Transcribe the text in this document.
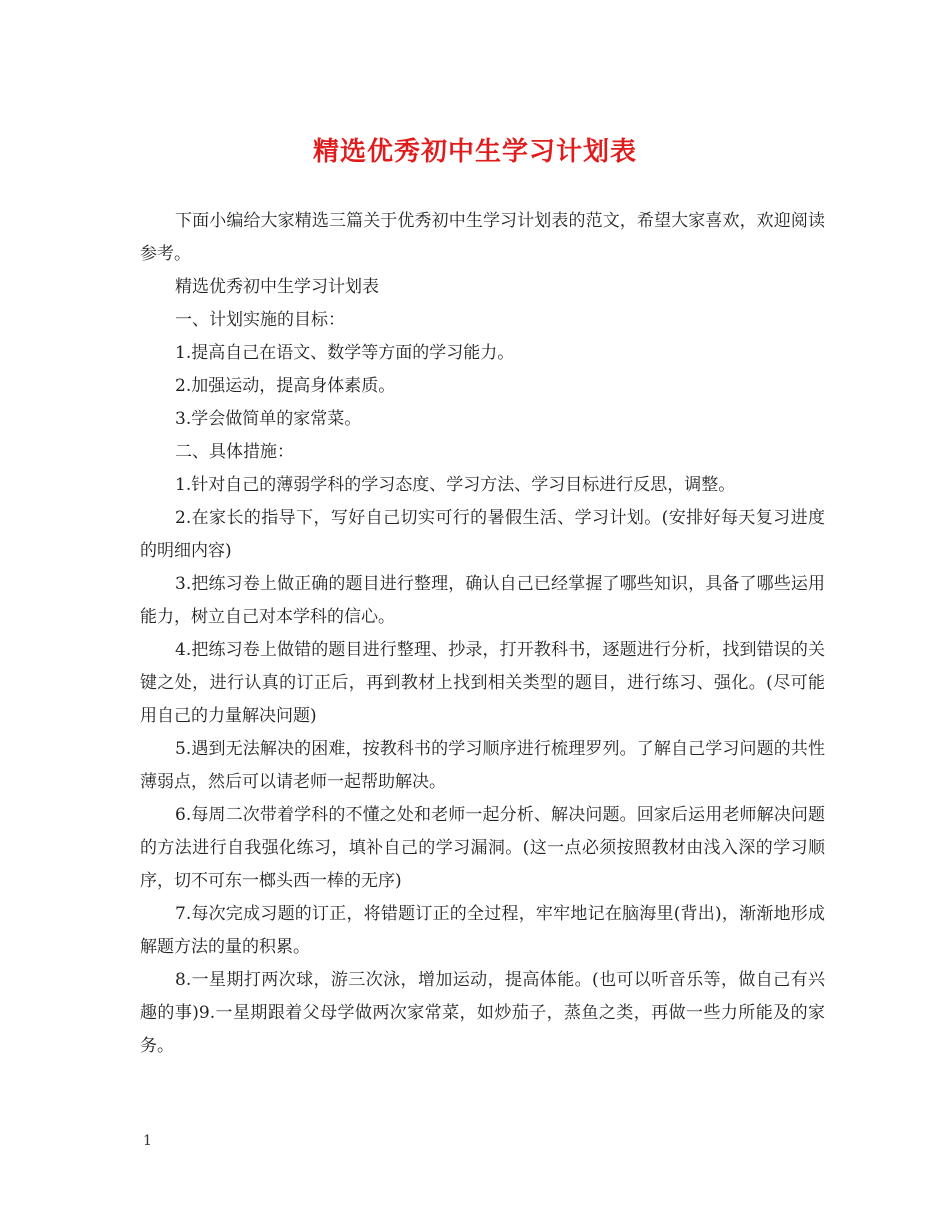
精选优秀初中生学习计划表

下面小编给大家精选三篇关于优秀初中生学习计划表的范文，希望大家喜欢，欢迎阅读参考。

精选优秀初中生学习计划表

一、计划实施的目标：

1.提高自己在语文、数学等方面的学习能力。

2.加强运动，提高身体素质。

3.学会做简单的家常菜。

二、具体措施：

1.针对自己的薄弱学科的学习态度、学习方法、学习目标进行反思，调整。

2.在家长的指导下，写好自己切实可行的暑假生活、学习计划。(安排好每天复习进度的明细内容)

3.把练习卷上做正确的题目进行整理，确认自己已经掌握了哪些知识，具备了哪些运用能力，树立自己对本学科的信心。

4.把练习卷上做错的题目进行整理、抄录，打开教科书，逐题进行分析，找到错误的关键之处，进行认真的订正后，再到教材上找到相关类型的题目，进行练习、强化。(尽可能用自己的力量解决问题)

5.遇到无法解决的困难，按教科书的学习顺序进行梳理罗列。了解自己学习问题的共性薄弱点，然后可以请老师一起帮助解决。

6.每周二次带着学科的不懂之处和老师一起分析、解决问题。回家后运用老师解决问题的方法进行自我强化练习，填补自己的学习漏洞。(这一点必须按照教材由浅入深的学习顺序，切不可东一榔头西一棒的无序)

7.每次完成习题的订正，将错题订正的全过程，牢牢地记在脑海里(背出)，渐渐地形成解题方法的量的积累。

8.一星期打两次球，游三次泳，增加运动，提高体能。(也可以听音乐等，做自己有兴趣的事)9.一星期跟着父母学做两次家常菜，如炒茄子，蒸鱼之类，再做一些力所能及的家务。

1
